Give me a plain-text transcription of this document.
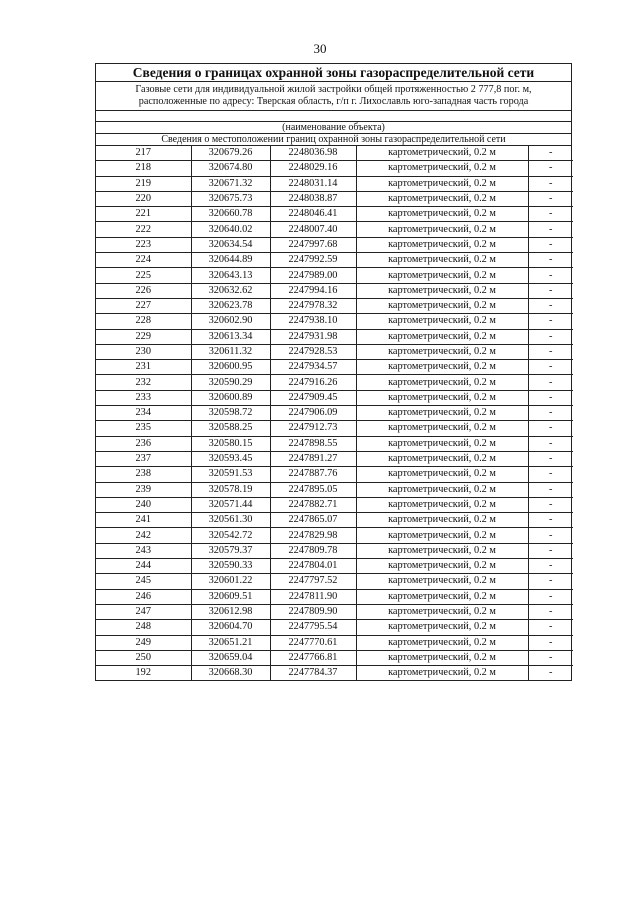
30
Сведения о границах охранной зоны газораспределительной сети
Газовые сети для индивидуальной жилой застройки общей протяженностью 2 777,8 пог. м,
расположенные по адресу: Тверская область, г/п г. Лихославль юго-западная часть города
(наименование объекта)
Сведения о местоположении границ охранной зоны газораспределительной сети
217	320679.26	2248036.98	картометрический, 0.2 м	-
218	320674.80	2248029.16	картометрический, 0.2 м	-
219	320671.32	2248031.14	картометрический, 0.2 м	-
220	320675.73	2248038.87	картометрический, 0.2 м	-
221	320660.78	2248046.41	картометрический, 0.2 м	-
222	320640.02	2248007.40	картометрический, 0.2 м	-
223	320634.54	2247997.68	картометрический, 0.2 м	-
224	320644.89	2247992.59	картометрический, 0.2 м	-
225	320643.13	2247989.00	картометрический, 0.2 м	-
226	320632.62	2247994.16	картометрический, 0.2 м	-
227	320623.78	2247978.32	картометрический, 0.2 м	-
228	320602.90	2247938.10	картометрический, 0.2 м	-
229	320613.34	2247931.98	картометрический, 0.2 м	-
230	320611.32	2247928.53	картометрический, 0.2 м	-
231	320600.95	2247934.57	картометрический, 0.2 м	-
232	320590.29	2247916.26	картометрический, 0.2 м	-
233	320600.89	2247909.45	картометрический, 0.2 м	-
234	320598.72	2247906.09	картометрический, 0.2 м	-
235	320588.25	2247912.73	картометрический, 0.2 м	-
236	320580.15	2247898.55	картометрический, 0.2 м	-
237	320593.45	2247891.27	картометрический, 0.2 м	-
238	320591.53	2247887.76	картометрический, 0.2 м	-
239	320578.19	2247895.05	картометрический, 0.2 м	-
240	320571.44	2247882.71	картометрический, 0.2 м	-
241	320561.30	2247865.07	картометрический, 0.2 м	-
242	320542.72	2247829.98	картометрический, 0.2 м	-
243	320579.37	2247809.78	картометрический, 0.2 м	-
244	320590.33	2247804.01	картометрический, 0.2 м	-
245	320601.22	2247797.52	картометрический, 0.2 м	-
246	320609.51	2247811.90	картометрический, 0.2 м	-
247	320612.98	2247809.90	картометрический, 0.2 м	-
248	320604.70	2247795.54	картометрический, 0.2 м	-
249	320651.21	2247770.61	картометрический, 0.2 м	-
250	320659.04	2247766.81	картометрический, 0.2 м	-
192	320668.30	2247784.37	картометрический, 0.2 м	-
